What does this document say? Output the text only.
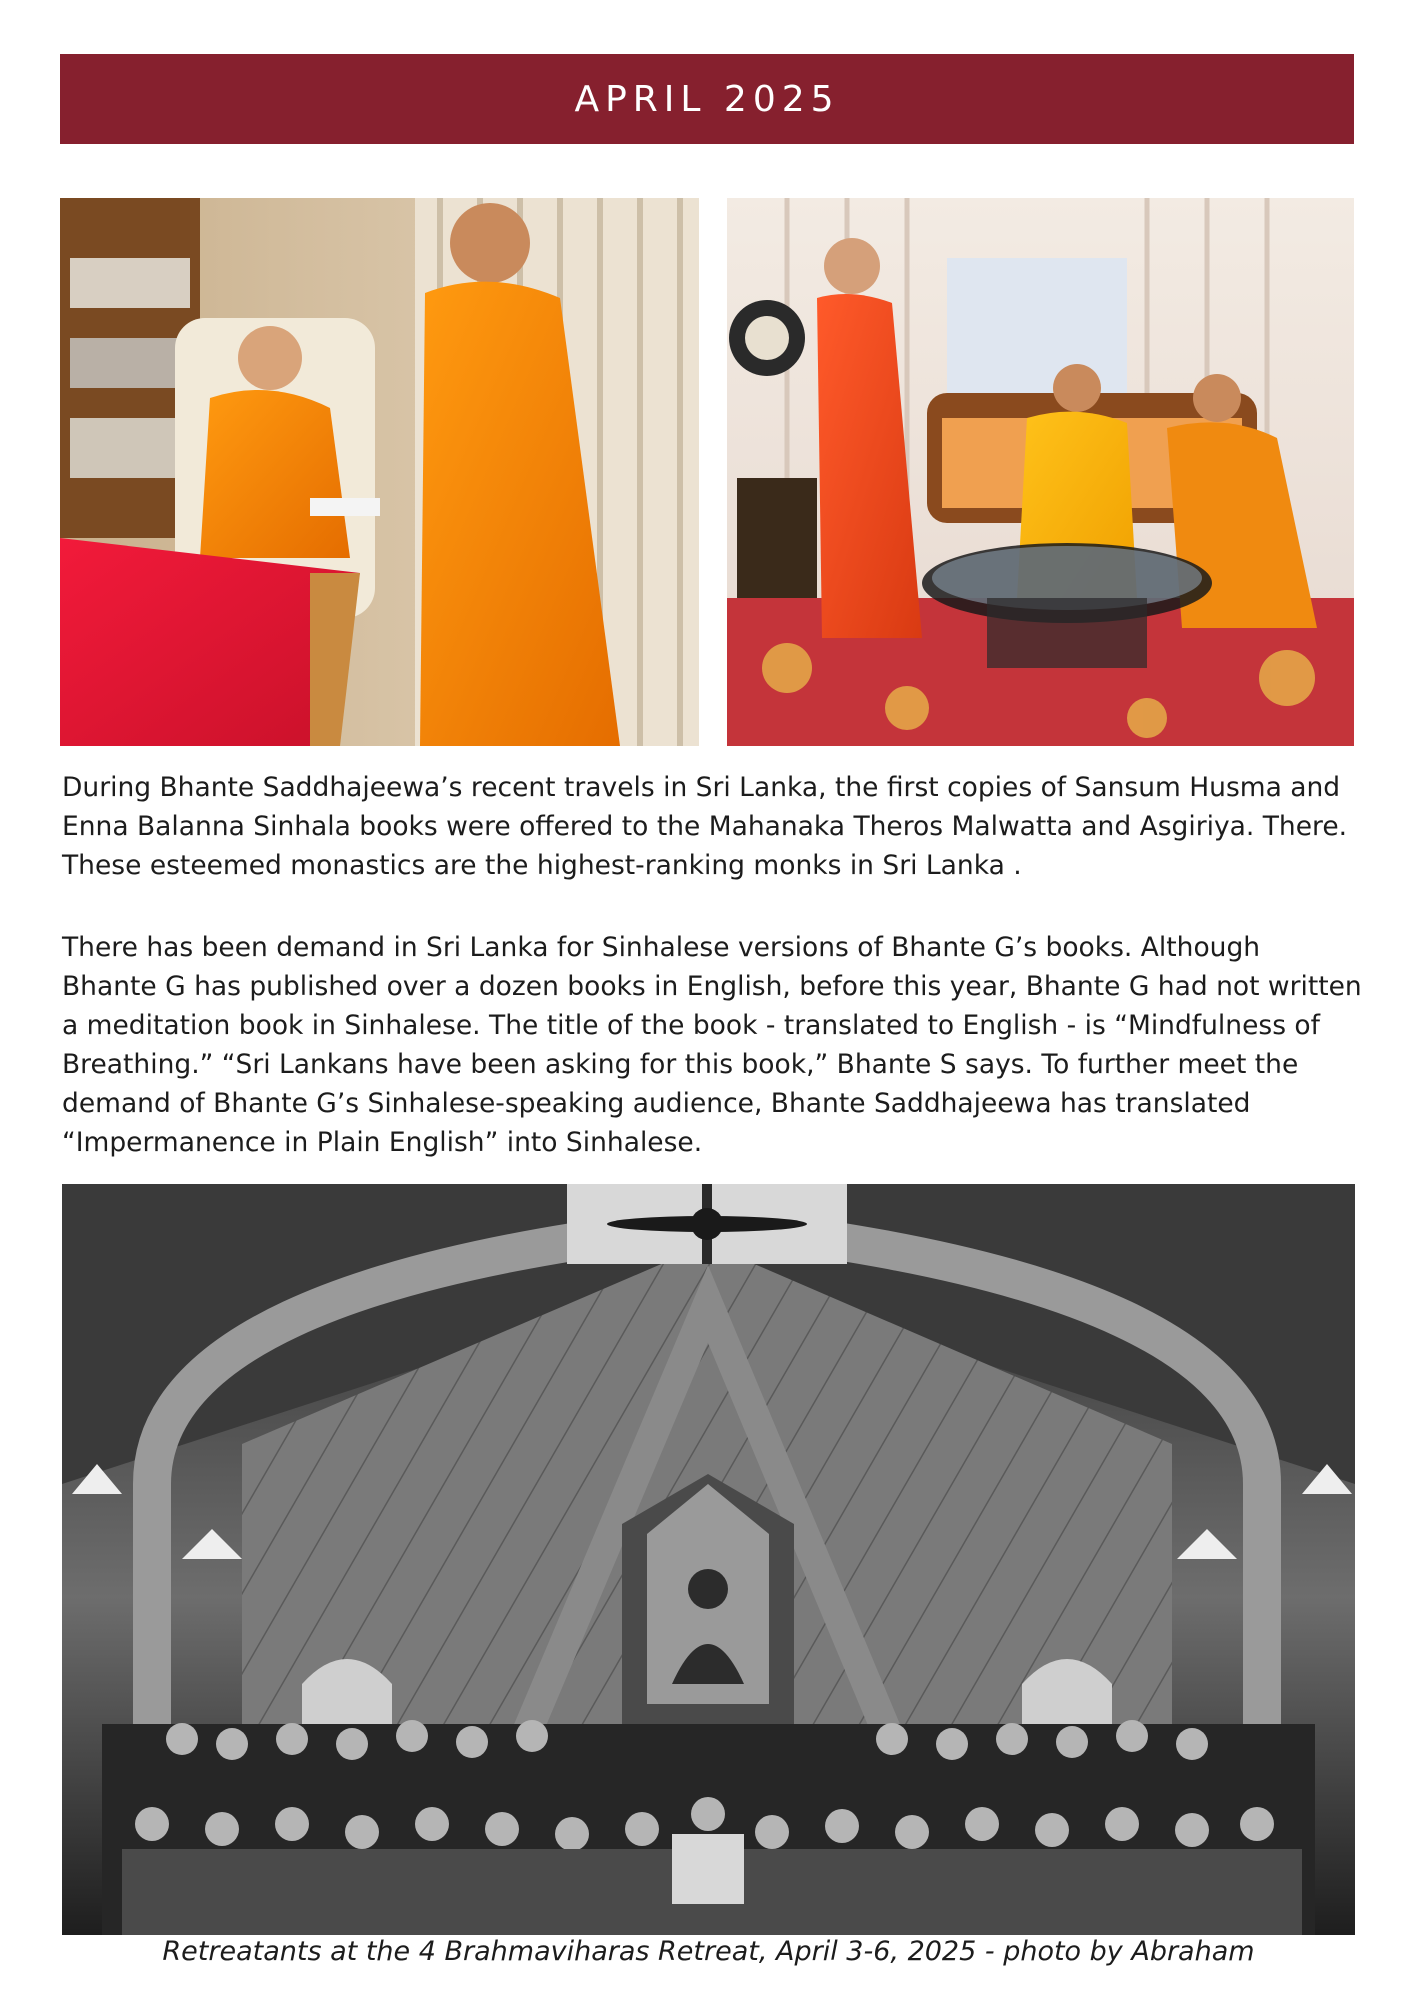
APRIL 2025

During Bhante Saddhajeewa’s recent travels in Sri Lanka, the first copies of Sansum Husma and Enna Balanna Sinhala books were offered to the Mahanaka Theros Malwatta and Asgiriya. There. These esteemed monastics are the highest-ranking monks in Sri Lanka .

There has been demand in Sri Lanka for Sinhalese versions of Bhante G’s books. Although Bhante G has published over a dozen books in English, before this year, Bhante G had not written a meditation book in Sinhalese. The title of the book - translated to English - is “Mindfulness of Breathing.” “Sri Lankans have been asking for this book,” Bhante S says. To further meet the demand of Bhante G’s Sinhalese-speaking audience, Bhante Saddhajeewa has translated “Impermanence in Plain English” into Sinhalese.

Retreatants at the 4 Brahmaviharas Retreat, April 3-6, 2025 - photo by Abraham
